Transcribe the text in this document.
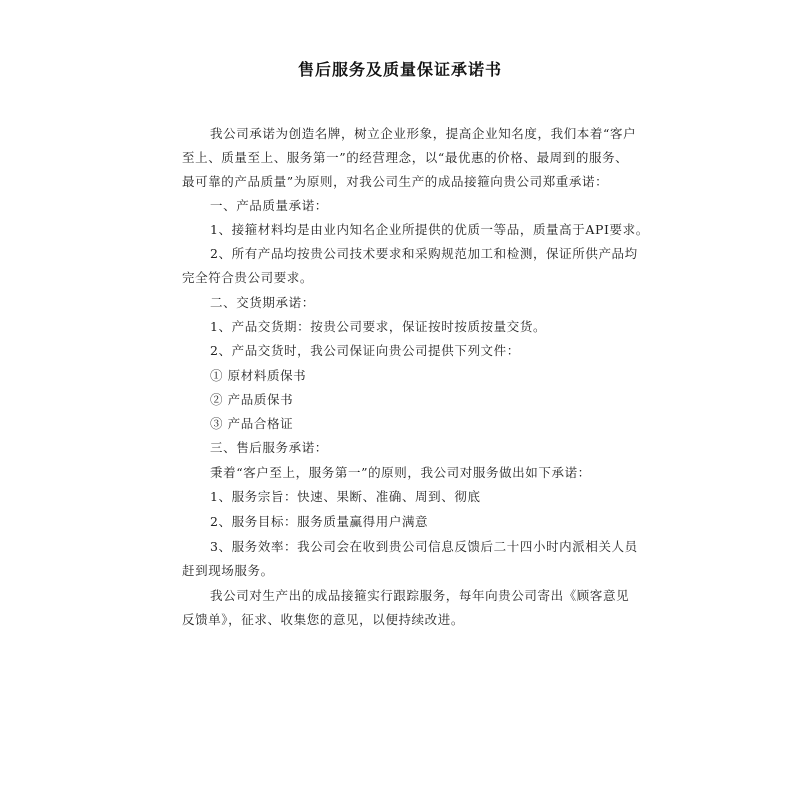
售后服务及质量保证承诺书
我公司承诺为创造名牌，树立企业形象，提高企业知名度，我们本着“客户
至上、质量至上、服务第一”的经营理念，以“最优惠的价格、最周到的服务、
最可靠的产品质量”为原则，对我公司生产的成品接箍向贵公司郑重承诺：
一、产品质量承诺：
1、接箍材料均是由业内知名企业所提供的优质一等品，质量高于API要求。
2、所有产品均按贵公司技术要求和采购规范加工和检测，保证所供产品均
完全符合贵公司要求。
二、交货期承诺：
1、产品交货期：按贵公司要求，保证按时按质按量交货。
2、产品交货时，我公司保证向贵公司提供下列文件：
① 原材料质保书
② 产品质保书
③ 产品合格证
三、售后服务承诺：
秉着“客户至上，服务第一”的原则，我公司对服务做出如下承诺：
1、服务宗旨：快速、果断、准确、周到、彻底
2、服务目标：服务质量赢得用户满意
3、服务效率：我公司会在收到贵公司信息反馈后二十四小时内派相关人员
赶到现场服务。
我公司对生产出的成品接箍实行跟踪服务，每年向贵公司寄出《顾客意见
反馈单》，征求、收集您的意见，以便持续改进。
